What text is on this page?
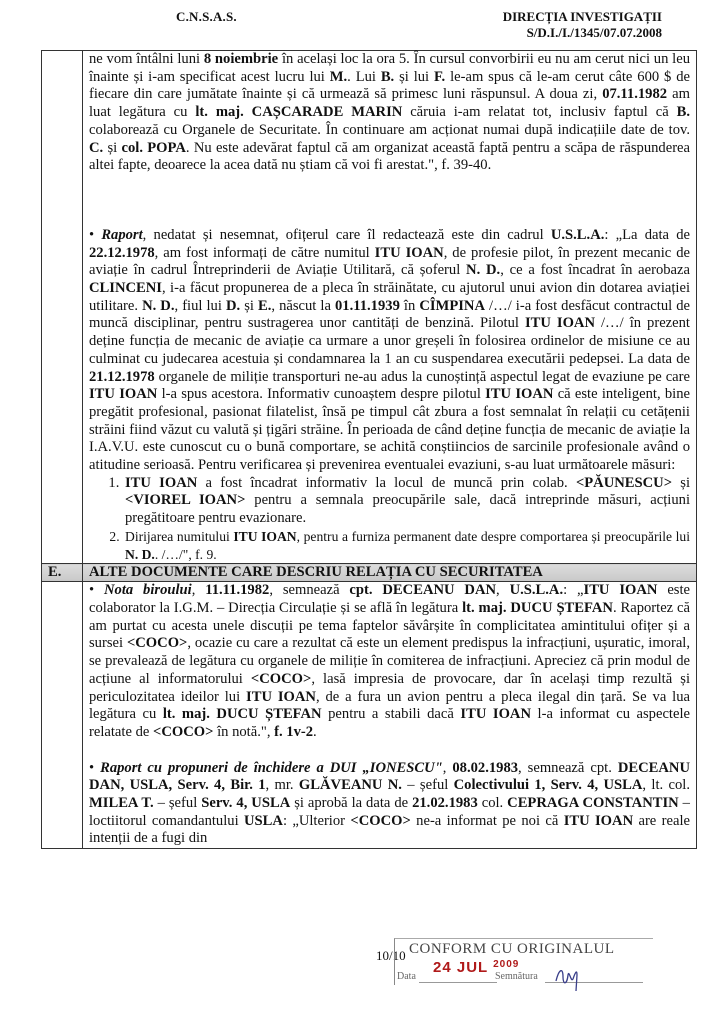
C.N.S.A.S.	DIRECȚIA INVESTIGAȚII
S/D.I./I./1345/07.07.2008

ne vom întâlni luni 8 noiembrie în același loc la ora 5. În cursul convorbirii eu nu am cerut nici un leu înainte și i-am specificat acest lucru lui M.. Lui B. și lui F. le-am spus că le-am cerut câte 600 $ de fiecare din care jumătate înainte și că urmează să primesc luni răspunsul. A doua zi, 07.11.1982 am luat legătura cu lt. maj. CAȘCARADE MARIN căruia i-am relatat tot, inclusiv faptul că B. colaborează cu Organele de Securitate. În continuare am acționat numai după indicațiile date de tov. C. și col. POPA. Nu este adevărat faptul că am organizat această faptă pentru a scăpa de răspunderea altei fapte, deoarece la acea dată nu știam că voi fi arestat.", f. 39-40.

• Raport, nedatat și nesemnat, ofițerul care îl redactează este din cadrul U.S.L.A.: „La data de 22.12.1978, am fost informați de către numitul ITU IOAN, de profesie pilot, în prezent mecanic de aviație în cadrul Întreprinderii de Aviație Utilitară, că șoferul N. D., ce a fost încadrat în aerobaza CLINCENI, i-a făcut propunerea de a pleca în străinătate, cu ajutorul unui avion din dotarea aviației utilitare. N. D., fiul lui D. și E., născut la 01.11.1939 în CÎMPINA /…/ i-a fost desfăcut contractul de muncă disciplinar, pentru sustragerea unor cantități de benzină. Pilotul ITU IOAN /…/ în prezent deține funcția de mecanic de aviație ca urmare a unor greșeli în folosirea ordinelor de misiune ce au culminat cu judecarea acestuia și condamnarea la 1 an cu suspendarea executării pedepsei. La data de 21.12.1978 organele de miliție transporturi ne-au adus la cunoștință aspectul legat de evaziune pe care ITU IOAN l-a spus acestora. Informativ cunoaștem despre pilotul ITU IOAN că este inteligent, bine pregătit profesional, pasionat filatelist, însă pe timpul cât zbura a fost semnalat în relații cu cetățenii străini fiind văzut cu valută și țigări străine. În perioada de când deține funcția de mecanic de aviație la I.A.V.U. este cunoscut cu o bună comportare, se achită conștiincios de sarcinile profesionale având o atitudine serioasă. Pentru verificarea și prevenirea eventualei evaziuni, s-au luat următoarele măsuri:

1. ITU IOAN a fost încadrat informativ la locul de muncă prin colab. <PĂUNESCU> și <VIOREL IOAN> pentru a semnala preocupările sale, dacă intreprinde măsuri, acțiuni pregătitoare pentru evazionare.
2. Dirijarea numitului ITU IOAN, pentru a furniza permanent date despre comportarea și preocupările lui N. D.. /…/", f. 9.

E.	ALTE DOCUMENTE CARE DESCRIU RELAȚIA CU SECURITATEA

	• Nota biroului, 11.11.1982, semnează cpt. DECEANU DAN, U.S.L.A.: „ITU IOAN este colaborator la I.G.M. – Direcția Circulație și se află în legătura lt. maj. DUCU ȘTEFAN. Raportez că am purtat cu acesta unele discuții pe tema faptelor săvârșite în complicitatea amintitului ofițer și a sursei <COCO>, ocazie cu care a rezultat că este un element predispus la infracțiuni, ușuratic, imoral, se prevalează de legătura cu organele de miliție în comiterea de infracțiuni. Apreciez că prin modul de acțiune al informatorului <COCO>, lasă impresia de provocare, dar în același timp rezultă și periculozitatea ideilor lui ITU IOAN, de a fura un avion pentru a pleca ilegal din țară. Se va lua legătura cu lt. maj. DUCU ȘTEFAN pentru a stabili dacă ITU IOAN l-a informat cu aspectele relatate de <COCO> în notă.", f. 1v-2.

• Raport cu propuneri de închidere a DUI „IONESCU", 08.02.1983, semnează cpt. DECEANU DAN, USLA, Serv. 4, Bir. 1, mr. GLĂVEANU N. – șeful Colectivului 1, Serv. 4, USLA, lt. col. MILEA T. – șeful Serv. 4, USLA și aprobă la data de 21.02.1983 col. CEPRAGA CONSTANTIN – loctiitorul comandantului USLA: „Ulterior <COCO> ne-a informat pe noi că ITU IOAN are reale intenții de a fugi din

10/10 CONFORM CU ORIGINALUL
24 JUL $^{2009}$
Data	Semnătura
